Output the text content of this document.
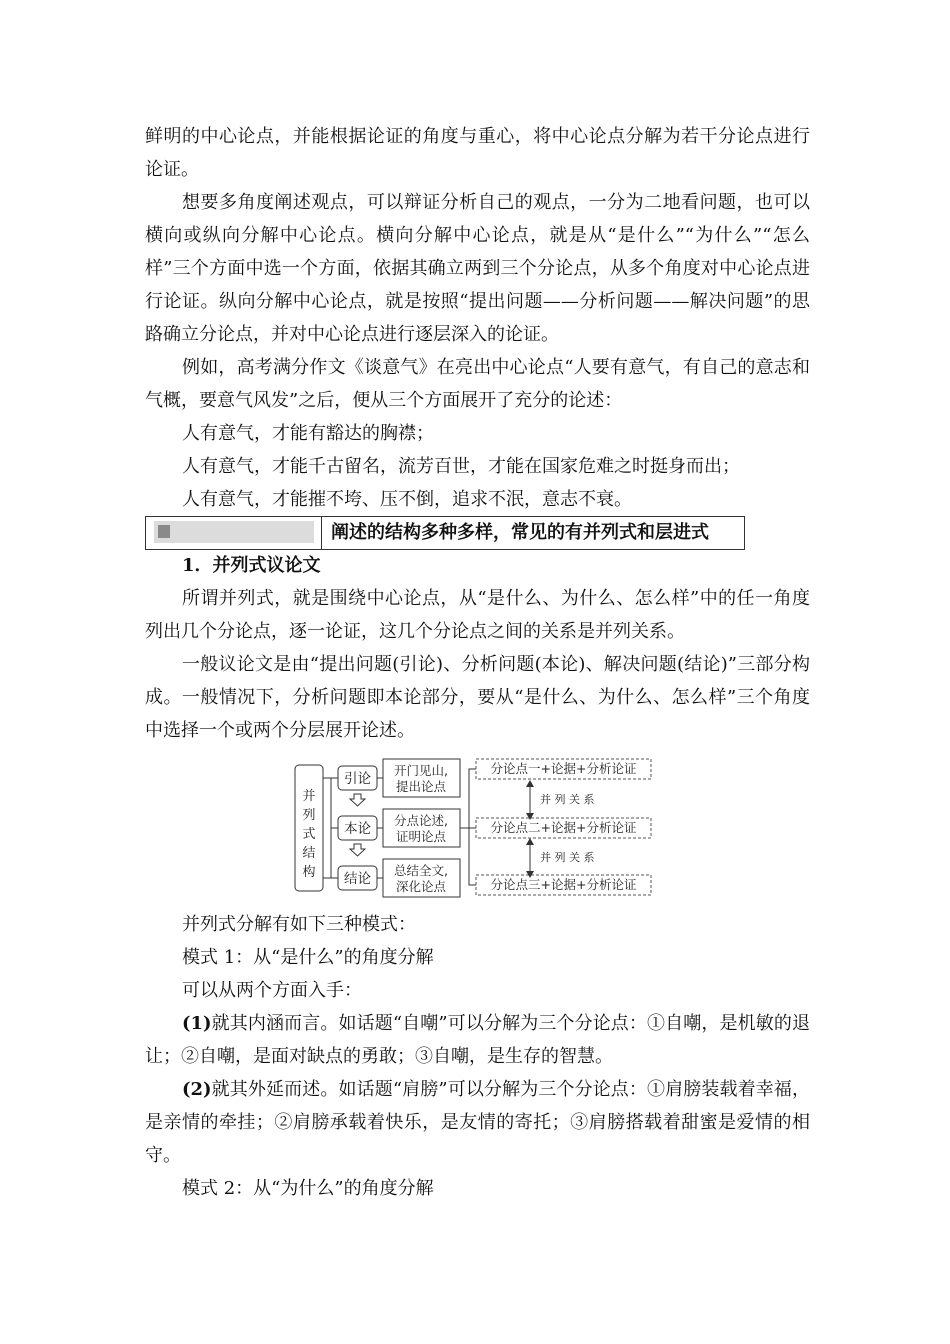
鲜明的中心论点，并能根据论证的角度与重心，将中心论点分解为若干分论点进行论证。

想要多角度阐述观点，可以辩证分析自己的观点，一分为二地看问题，也可以横向或纵向分解中心论点。横向分解中心论点，就是从“是什么”“为什么”“怎么样”三个方面中选一个方面，依据其确立两到三个分论点，从多个角度对中心论点进行论证。纵向分解中心论点，就是按照“提出问题——分析问题——解决问题”的思路确立分论点，并对中心论点进行逐层深入的论证。

例如，高考满分作文《谈意气》在亮出中心论点“人要有意气，有自己的意志和气概，要意气风发”之后，便从三个方面展开了充分的论述：

人有意气，才能有豁达的胸襟；

人有意气，才能千古留名，流芳百世，才能在国家危难之时挺身而出；

人有意气，才能摧不垮、压不倒，追求不泯，意志不衰。

阐述的结构多种多样，常见的有并列式和层进式

1．并列式议论文

所谓并列式，就是围绕中心论点，从“是什么、为什么、怎么样”中的任一角度列出几个分论点，逐一论证，这几个分论点之间的关系是并列关系。

一般议论文是由“提出问题(引论)、分析问题(本论)、解决问题(结论)”三部分构成。一般情况下，分析问题即本论部分，要从“是什么、为什么、怎么样”三个角度中选择一个或两个分层展开论述。

并
列
式
结
构
引论
本论
结论
开门见山,
提出论点
分点论述,
证明论点
总结全文,
深化论点
分论点一+论据+分析论证
分论点二+论据+分析论证
分论点三+论据+分析论证
并 列 关 系
并 列 关 系

并列式分解有如下三种模式：

模式 1：从“是什么”的角度分解

可以从两个方面入手：

(1)就其内涵而言。如话题“自嘲”可以分解为三个分论点：①自嘲，是机敏的退让；②自嘲，是面对缺点的勇敢；③自嘲，是生存的智慧。

(2)就其外延而述。如话题“肩膀”可以分解为三个分论点：①肩膀装载着幸福，是亲情的牵挂；②肩膀承载着快乐，是友情的寄托；③肩膀搭载着甜蜜是爱情的相守。

模式 2：从“为什么”的角度分解
